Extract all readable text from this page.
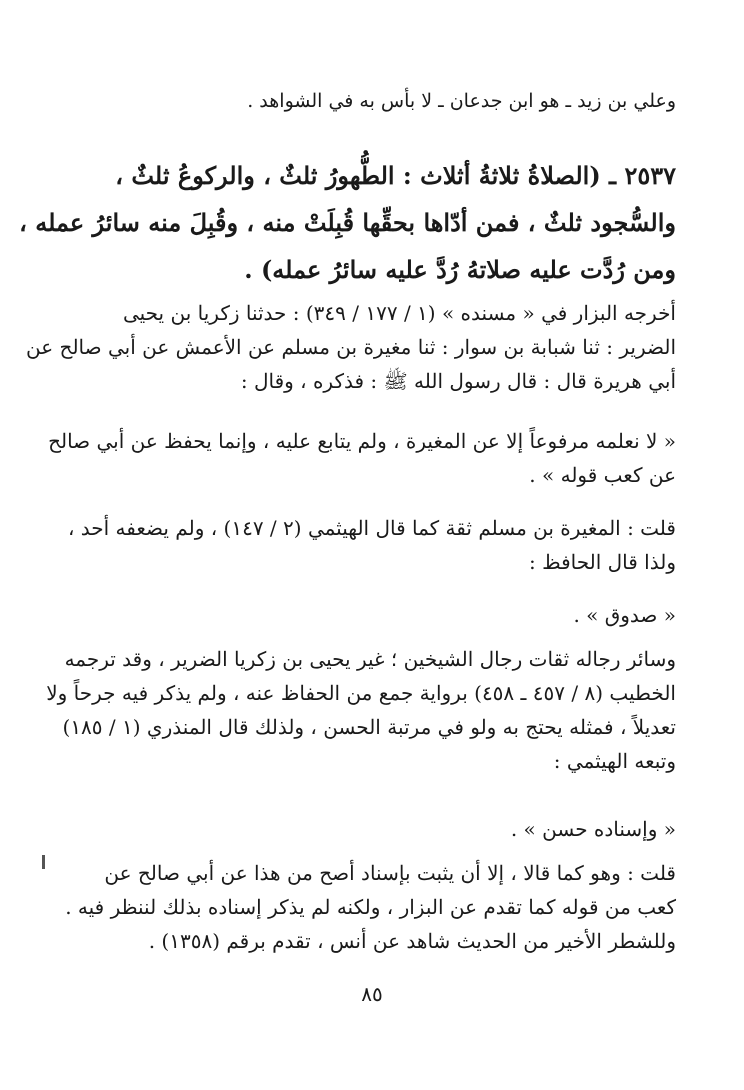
وعلي بن زيد ـ هو ابن جدعان ـ لا بأس به في الشواهد .

٢٥٣٧ ـ (الصلاةُ ثلاثةُ أثلاث : الطُّهورُ ثلثٌ ، والركوعُ ثلثٌ ،
والسُّجود ثلثٌ ، فمن أدّاها بحقِّها قُبِلَتْ منه ، وقُبِلَ منه سائرُ عمله ،
ومن رُدَّت عليه صلاتهُ رُدَّ عليه سائرُ عمله) .

أخرجه البزار في « مسنده » (١ / ١٧٧ / ٣٤٩) : حدثنا زكريا بن يحيى
الضرير : ثنا شبابة بن سوار : ثنا مغيرة بن مسلم عن الأعمش عن أبي صالح عن
أبي هريرة قال : قال رسول الله ﷺ : فذكره ، وقال :

« لا نعلمه مرفوعاً إلا عن المغيرة ، ولم يتابع عليه ، وإنما يحفظ عن أبي صالح
عن كعب قوله » .

قلت : المغيرة بن مسلم ثقة كما قال الهيثمي (٢ / ١٤٧) ، ولم يضعفه أحد ،
ولذا قال الحافظ :

« صدوق » .

وسائر رجاله ثقات رجال الشيخين ؛ غير يحيى بن زكريا الضرير ، وقد ترجمه
الخطيب (٨ / ٤٥٧ ـ ٤٥٨) برواية جمع من الحفاظ عنه ، ولم يذكر فيه جرحاً ولا
تعديلاً ، فمثله يحتج به ولو في مرتبة الحسن ، ولذلك قال المنذري (١ / ١٨٥)
وتبعه الهيثمي :

« وإسناده حسن » .

قلت : وهو كما قالا ، إلا أن يثبت بإسناد أصح من هذا عن أبي صالح عن
كعب من قوله كما تقدم عن البزار ، ولكنه لم يذكر إسناده بذلك لننظر فيه .
وللشطر الأخير من الحديث شاهد عن أنس ، تقدم برقم (١٣٥٨) .

٨٥
